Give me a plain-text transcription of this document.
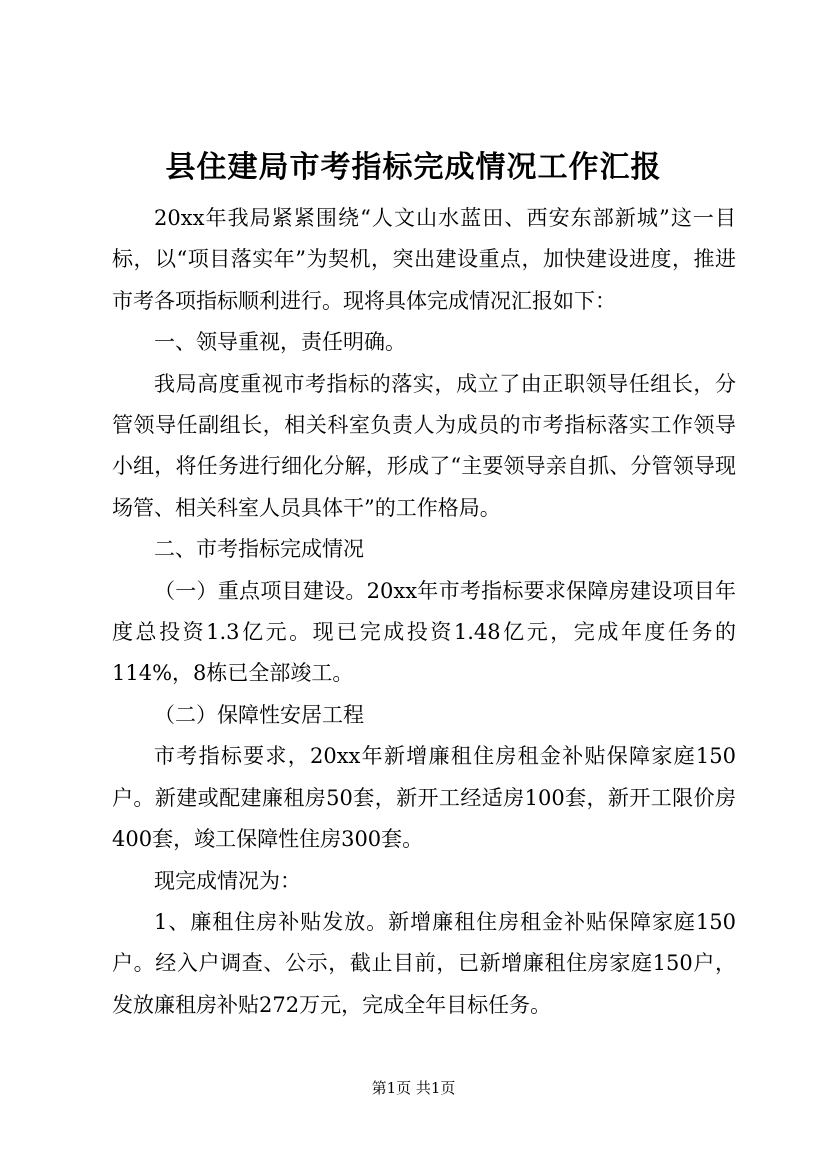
县住建局市考指标完成情况工作汇报

20xx年我局紧紧围绕“人文山水蓝田、西安东部新城”这一目标，以“项目落实年”为契机，突出建设重点，加快建设进度，推进市考各项指标顺利进行。现将具体完成情况汇报如下：

一、领导重视，责任明确。

我局高度重视市考指标的落实，成立了由正职领导任组长，分管领导任副组长，相关科室负责人为成员的市考指标落实工作领导小组，将任务进行细化分解，形成了“主要领导亲自抓、分管领导现场管、相关科室人员具体干”的工作格局。

二、市考指标完成情况

（一）重点项目建设。20xx年市考指标要求保障房建设项目年度总投资1.3亿元。现已完成投资1.48亿元，完成年度任务的114%，8栋已全部竣工。

（二）保障性安居工程

市考指标要求，20xx年新增廉租住房租金补贴保障家庭150户。新建或配建廉租房50套，新开工经适房100套，新开工限价房400套，竣工保障性住房300套。

现完成情况为：

1、廉租住房补贴发放。新增廉租住房租金补贴保障家庭150户。经入户调查、公示，截止目前，已新增廉租住房家庭150户，发放廉租房补贴272万元，完成全年目标任务。

第1页 共1页
